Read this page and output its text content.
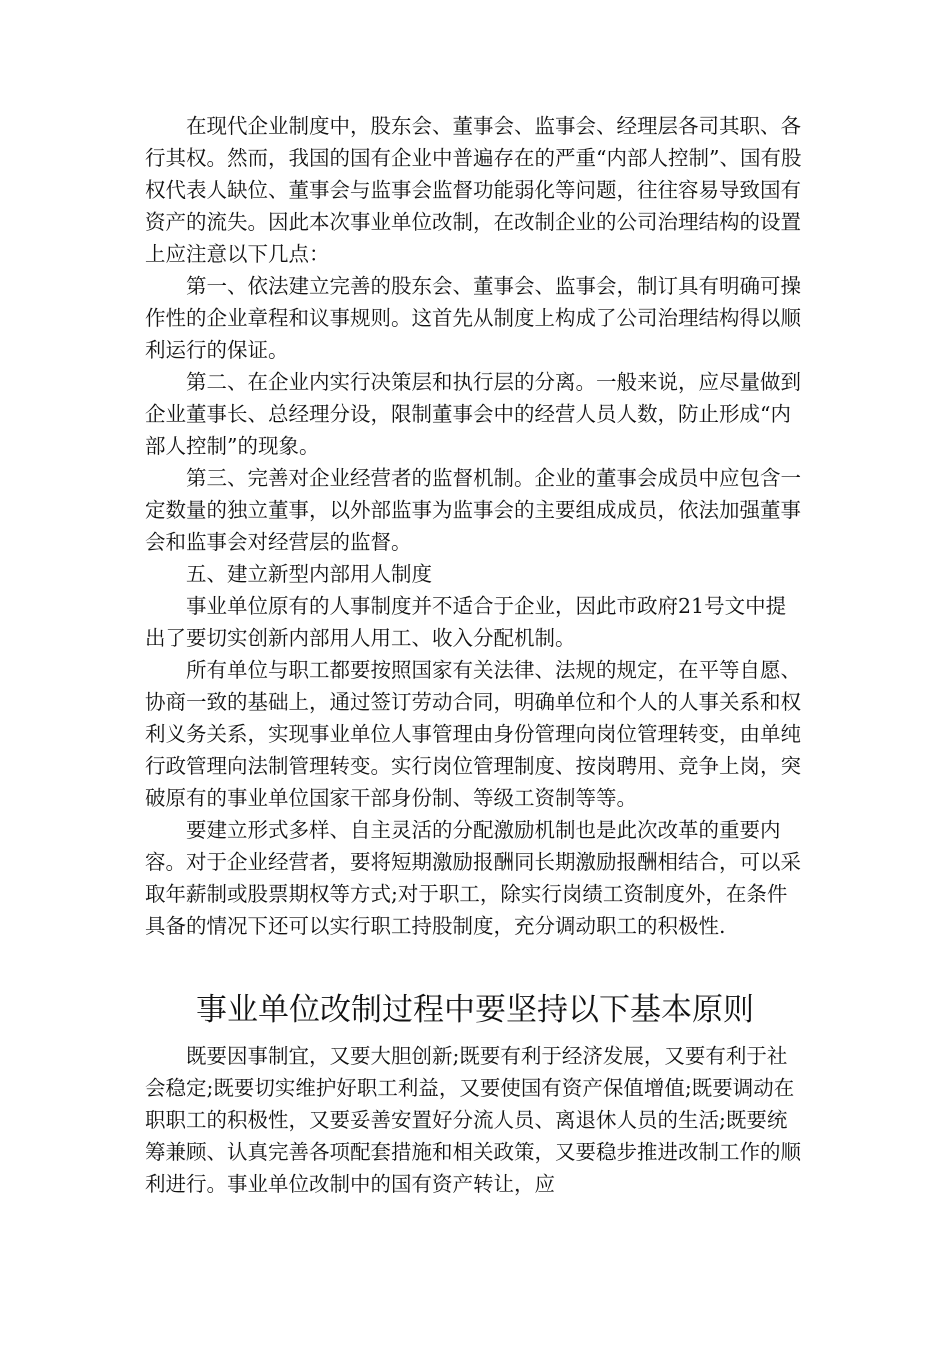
在现代企业制度中，股东会、董事会、监事会、经理层各司其职、各行其权。然而，我国的国有企业中普遍存在的严重“内部人控制”、国有股权代表人缺位、董事会与监事会监督功能弱化等问题，往往容易导致国有资产的流失。因此本次事业单位改制，在改制企业的公司治理结构的设置上应注意以下几点：

第一、依法建立完善的股东会、董事会、监事会，制订具有明确可操作性的企业章程和议事规则。这首先从制度上构成了公司治理结构得以顺利运行的保证。

第二、在企业内实行决策层和执行层的分离。一般来说，应尽量做到企业董事长、总经理分设，限制董事会中的经营人员人数，防止形成“内部人控制”的现象。

第三、完善对企业经营者的监督机制。企业的董事会成员中应包含一定数量的独立董事，以外部监事为监事会的主要组成成员，依法加强董事会和监事会对经营层的监督。

五、建立新型内部用人制度

事业单位原有的人事制度并不适合于企业，因此市政府21号文中提出了要切实创新内部用人用工、收入分配机制。

所有单位与职工都要按照国家有关法律、法规的规定，在平等自愿、协商一致的基础上，通过签订劳动合同，明确单位和个人的人事关系和权利义务关系，实现事业单位人事管理由身份管理向岗位管理转变，由单纯行政管理向法制管理转变。实行岗位管理制度、按岗聘用、竞争上岗，突破原有的事业单位国家干部身份制、等级工资制等等。

要建立形式多样、自主灵活的分配激励机制也是此次改革的重要内容。对于企业经营者，要将短期激励报酬同长期激励报酬相结合，可以采取年薪制或股票期权等方式;对于职工，除实行岗绩工资制度外，在条件具备的情况下还可以实行职工持股制度，充分调动职工的积极性.

事业单位改制过程中要坚持以下基本原则

既要因事制宜，又要大胆创新;既要有利于经济发展，又要有利于社会稳定;既要切实维护好职工利益，又要使国有资产保值增值;既要调动在职职工的积极性，又要妥善安置好分流人员、离退休人员的生活;既要统筹兼顾、认真完善各项配套措施和相关政策，又要稳步推进改制工作的顺利进行。事业单位改制中的国有资产转让，应
